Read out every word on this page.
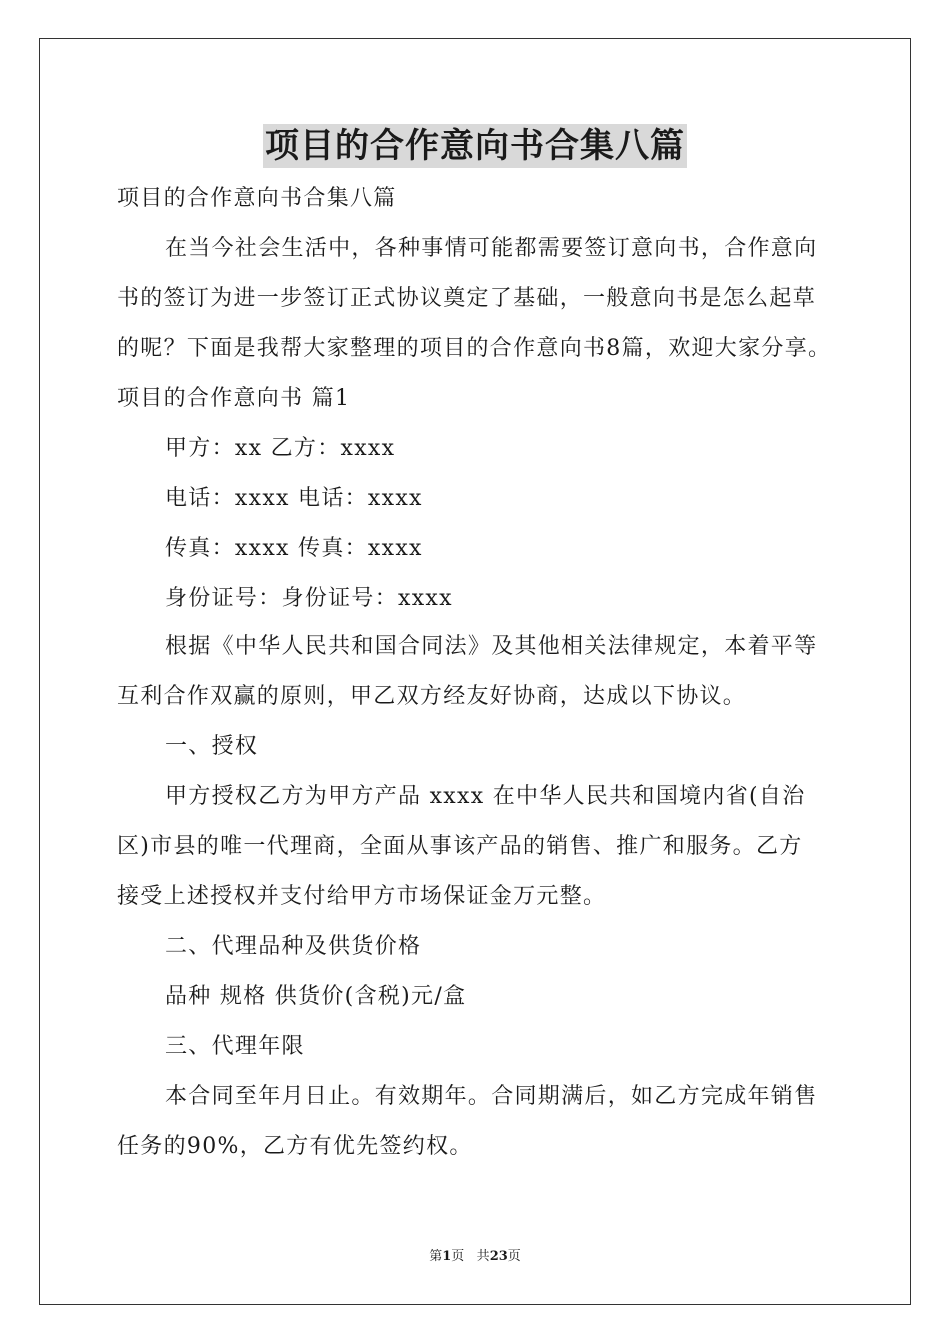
项目的合作意向书合集八篇
项目的合作意向书合集八篇
在当今社会生活中，各种事情可能都需要签订意向书，合作意向
书的签订为进一步签订正式协议奠定了基础，一般意向书是怎么起草
的呢？下面是我帮大家整理的项目的合作意向书8篇，欢迎大家分享。
项目的合作意向书 篇1
甲方：xx 乙方：xxxx
电话：xxxx 电话：xxxx
传真：xxxx 传真：xxxx
身份证号：身份证号：xxxx
根据《中华人民共和国合同法》及其他相关法律规定，本着平等
互利合作双赢的原则，甲乙双方经友好协商，达成以下协议。
一、授权
甲方授权乙方为甲方产品 xxxx 在中华人民共和国境内省(自治
区)市县的唯一代理商，全面从事该产品的销售、推广和服务。乙方
接受上述授权并支付给甲方市场保证金万元整。
二、代理品种及供货价格
品种 规格 供货价(含税)元/盒
三、代理年限
本合同至年月日止。有效期年。合同期满后，如乙方完成年销售
任务的90%，乙方有优先签约权。
第1页 共23页
